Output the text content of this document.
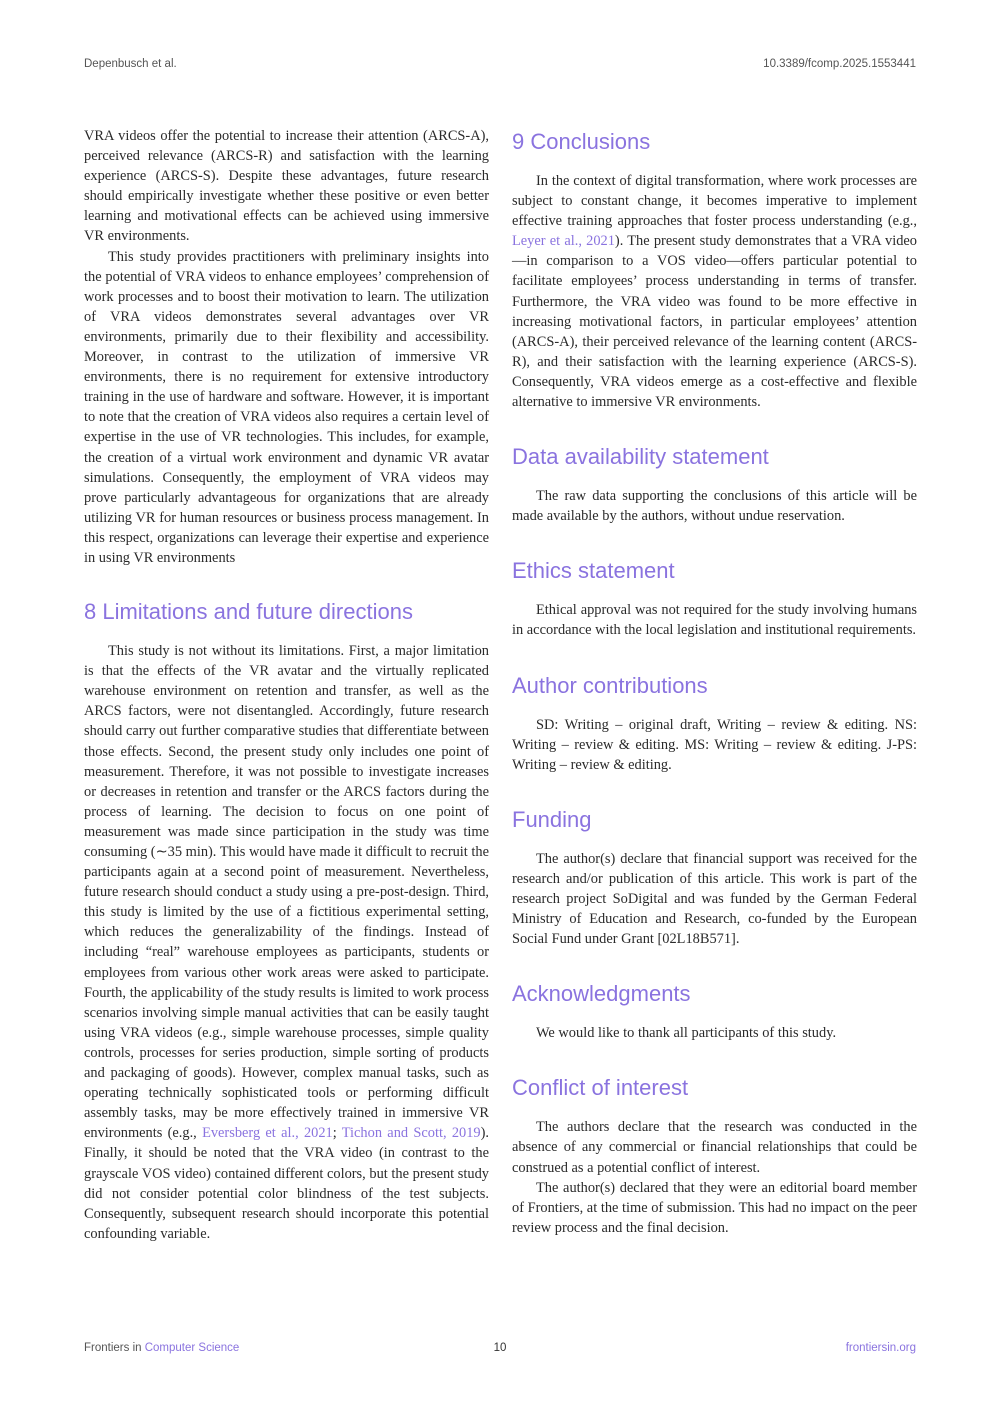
Depenbusch et al.	10.3389/fcomp.2025.1553441

VRA videos offer the potential to increase their attention (ARCS-A), perceived relevance (ARCS-R) and satisfaction with the learning experience (ARCS-S). Despite these advantages, future research should empirically investigate whether these positive or even better learning and motivational effects can be achieved using immersive VR environments.

This study provides practitioners with preliminary insights into the potential of VRA videos to enhance employees’ comprehension of work processes and to boost their motivation to learn. The utilization of VRA videos demonstrates several advantages over VR environments, primarily due to their flexibility and accessibility. Moreover, in contrast to the utilization of immersive VR environments, there is no requirement for extensive introductory training in the use of hardware and software. However, it is important to note that the creation of VRA videos also requires a certain level of expertise in the use of VR technologies. This includes, for example, the creation of a virtual work environment and dynamic VR avatar simulations. Consequently, the employment of VRA videos may prove particularly advantageous for organizations that are already utilizing VR for human resources or business process management. In this respect, organizations can leverage their expertise and experience in using VR environments

8 Limitations and future directions

This study is not without its limitations. First, a major limitation is that the effects of the VR avatar and the virtually replicated warehouse environment on retention and transfer, as well as the ARCS factors, were not disentangled. Accordingly, future research should carry out further comparative studies that differentiate between those effects. Second, the present study only includes one point of measurement. Therefore, it was not possible to investigate increases or decreases in retention and transfer or the ARCS factors during the process of learning. The decision to focus on one point of measurement was made since participation in the study was time consuming (∼35 min). This would have made it difficult to recruit the participants again at a second point of measurement. Nevertheless, future research should conduct a study using a pre-post-design. Third, this study is limited by the use of a fictitious experimental setting, which reduces the generalizability of the findings. Instead of including “real” warehouse employees as participants, students or employees from various other work areas were asked to participate. Fourth, the applicability of the study results is limited to work process scenarios involving simple manual activities that can be easily taught using VRA videos (e.g., simple warehouse processes, simple quality controls, processes for series production, simple sorting of products and packaging of goods). However, complex manual tasks, such as operating technically sophisticated tools or performing difficult assembly tasks, may be more effectively trained in immersive VR environments (e.g., Eversberg et al., 2021; Tichon and Scott, 2019). Finally, it should be noted that the VRA video (in contrast to the grayscale VOS video) contained different colors, but the present study did not consider potential color blindness of the test subjects. Consequently, subsequent research should incorporate this potential confounding variable.

9 Conclusions

In the context of digital transformation, where work processes are subject to constant change, it becomes imperative to implement effective training approaches that foster process understanding (e.g., Leyer et al., 2021). The present study demonstrates that a VRA video—in comparison to a VOS video—offers particular potential to facilitate employees’ process understanding in terms of transfer. Furthermore, the VRA video was found to be more effective in increasing motivational factors, in particular employees’ attention (ARCS-A), their perceived relevance of the learning content (ARCS-R), and their satisfaction with the learning experience (ARCS-S). Consequently, VRA videos emerge as a cost-effective and flexible alternative to immersive VR environments.

Data availability statement

The raw data supporting the conclusions of this article will be made available by the authors, without undue reservation.

Ethics statement

Ethical approval was not required for the study involving humans in accordance with the local legislation and institutional requirements.

Author contributions

SD: Writing – original draft, Writing – review & editing. NS: Writing – review & editing. MS: Writing – review & editing. J-PS: Writing – review & editing.

Funding

The author(s) declare that financial support was received for the research and/or publication of this article. This work is part of the research project SoDigital and was funded by the German Federal Ministry of Education and Research, co-funded by the European Social Fund under Grant [02L18B571].

Acknowledgments

We would like to thank all participants of this study.

Conflict of interest

The authors declare that the research was conducted in the absence of any commercial or financial relationships that could be construed as a potential conflict of interest.

The author(s) declared that they were an editorial board member of Frontiers, at the time of submission. This had no impact on the peer review process and the final decision.

10
Frontiers in Computer Science	frontiersin.org
